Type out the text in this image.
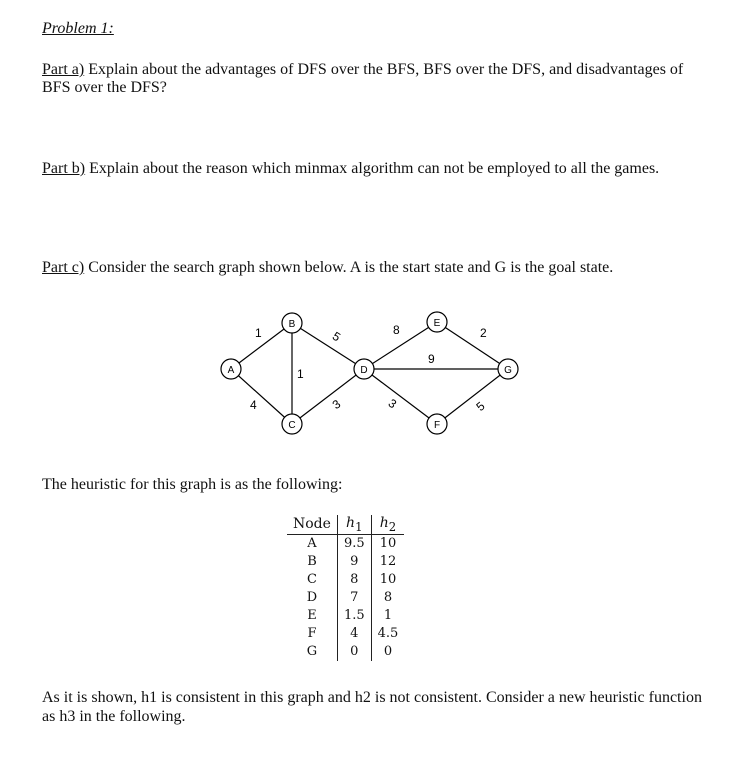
Problem 1:
Part a) Explain about the advantages of DFS over the BFS, BFS over the DFS, and disadvantages of BFS over the DFS?
Part b) Explain about the reason which minmax algorithm can not be employed to all the games.
Part c) Consider the search graph shown below. A is the start state and G is the goal state.
1
4
1
5
3
8
9
3
2
5
A
B
C
D
E
F
G
The heuristic for this graph is as the following:
Node	$h_1$	$h_2$
A	9.5	10
B	9	12
C	8	10
D	7	8
E	1.5	1
F	4	4.5
G	0	0
As it is shown, h1 is consistent in this graph and h2 is not consistent. Consider a new heuristic function as h3 in the following.
